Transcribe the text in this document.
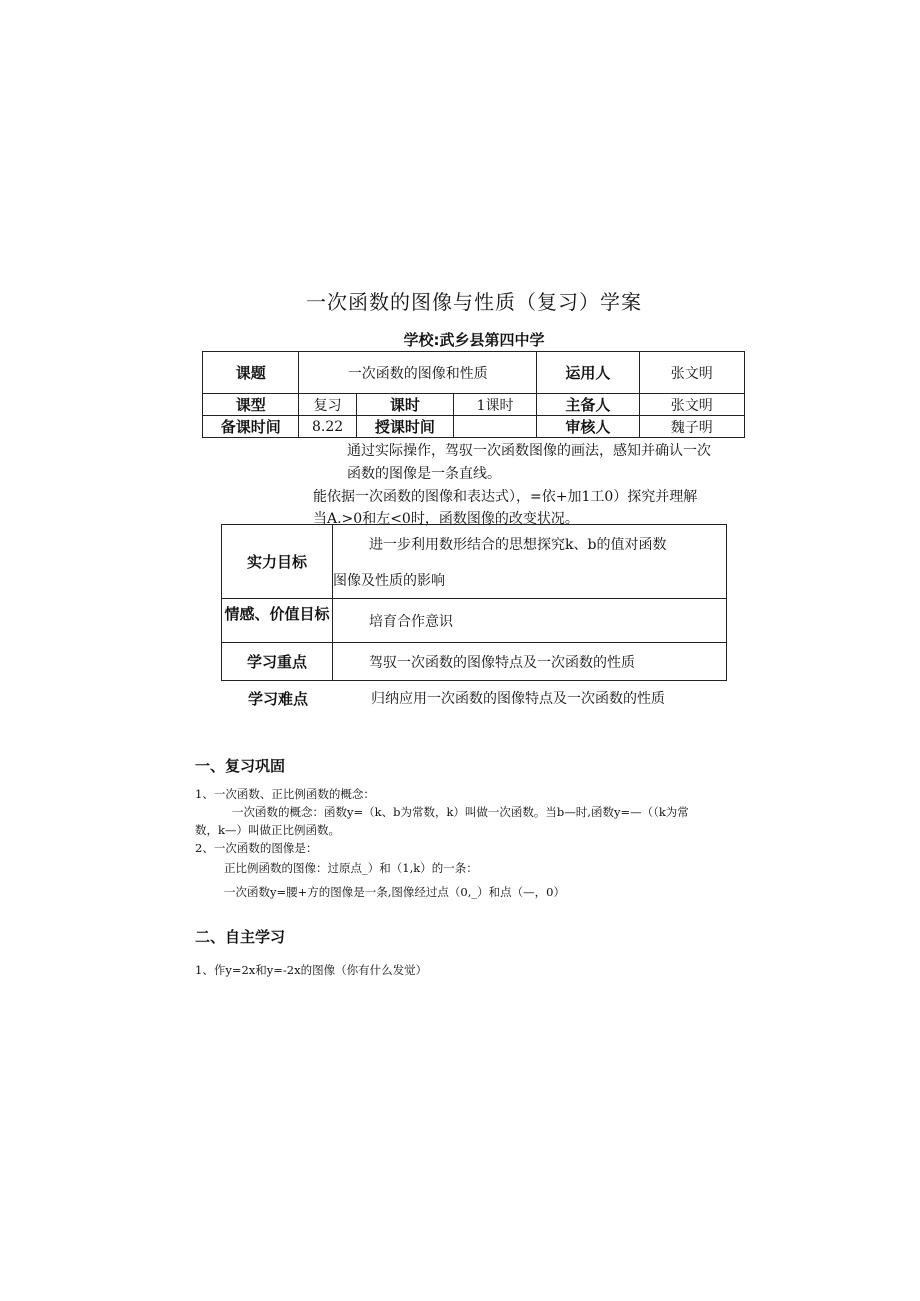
一次函数的图像与性质（复习）学案
学校:武乡县第四中学
课题	一次函数的图像和性质			运用人	张文明
课型	复习	课时	1课时	主备人	张文明
备课时间	8.22	授课时间		审核人	魏子明
通过实际操作，驾驭一次函数图像的画法，感知并确认一次
函数的图像是一条直线。
能依据一次函数的图像和表达式），=依+加1工0）探究并理解
当A.>0和左<0时，函数图像的改变状况。
实力目标	进一步利用数形结合的思想探究k、b的值对函数
图像及性质的影响

情感、价值目标	培育合作意识
学习重点	驾驭一次函数的图像特点及一次函数的性质
学习难点	归纳应用一次函数的图像特点及一次函数的性质
一、复习巩固
1、一次函数、正比例函数的概念：
一次函数的概念：函数y=（k、b为常数，k）叫做一次函数。当b—时,函数y=—（（k为常
数，k—）叫做正比例函数。
2、一次函数的图像是：
正比例函数的图像：过原点_）和（1,k）的一条：
一次函数y=腰+方的图像是一条,图像经过点（0,_）和点（—，0）
二、自主学习
1、作y=2x和y=-2x的图像（你有什么发觉）
